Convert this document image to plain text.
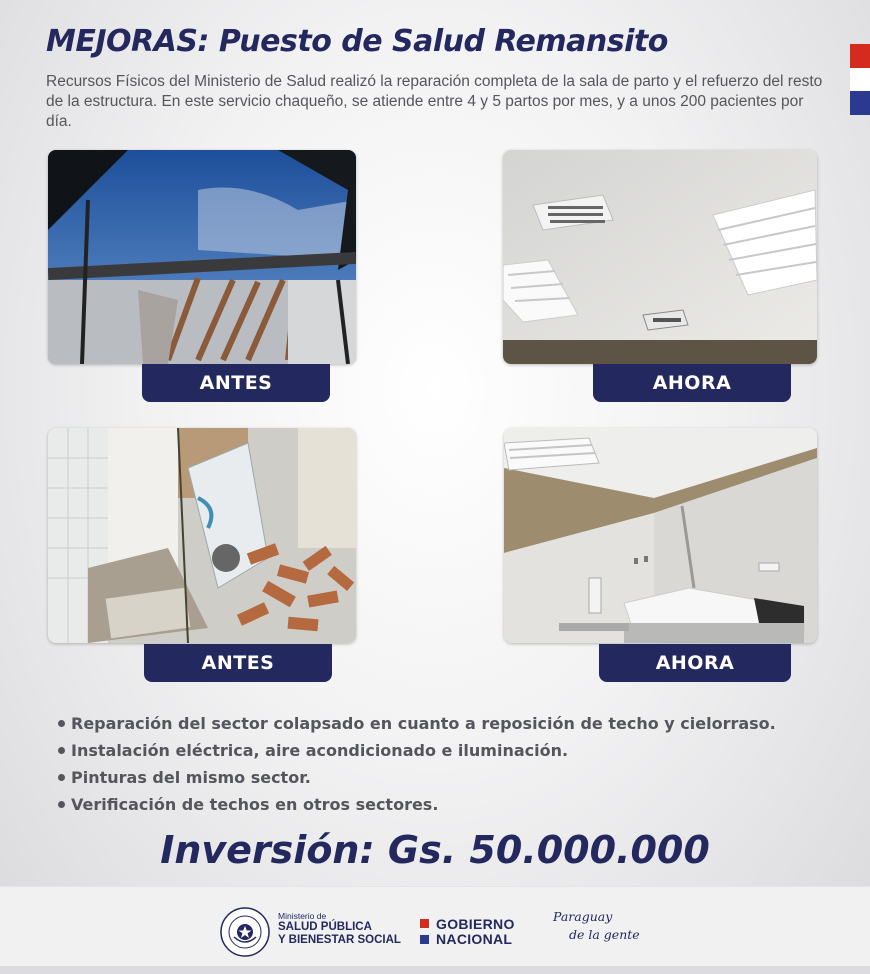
MEJORAS: Puesto de Salud Remansito
Recursos Físicos del Ministerio de Salud realizó la reparación completa de la sala de parto y el refuerzo del resto de la estructura. En este servicio chaqueño, se atiende entre 4 y 5 partos por mes, y a unos 200 pacientes por día.
ANTES	AHORA
ANTES	AHORA
Reparación del sector colapsado en cuanto a reposición de techo y cielorraso.
Instalación eléctrica, aire acondicionado e iluminación.
Pinturas del mismo sector.
Verificación de techos en otros sectores.
Inversión: Gs. 50.000.000
Ministerio de
SALUD PÚBLICA
Y BIENESTAR SOCIAL
GOBIERNO
NACIONAL
Paraguay
de la gente
